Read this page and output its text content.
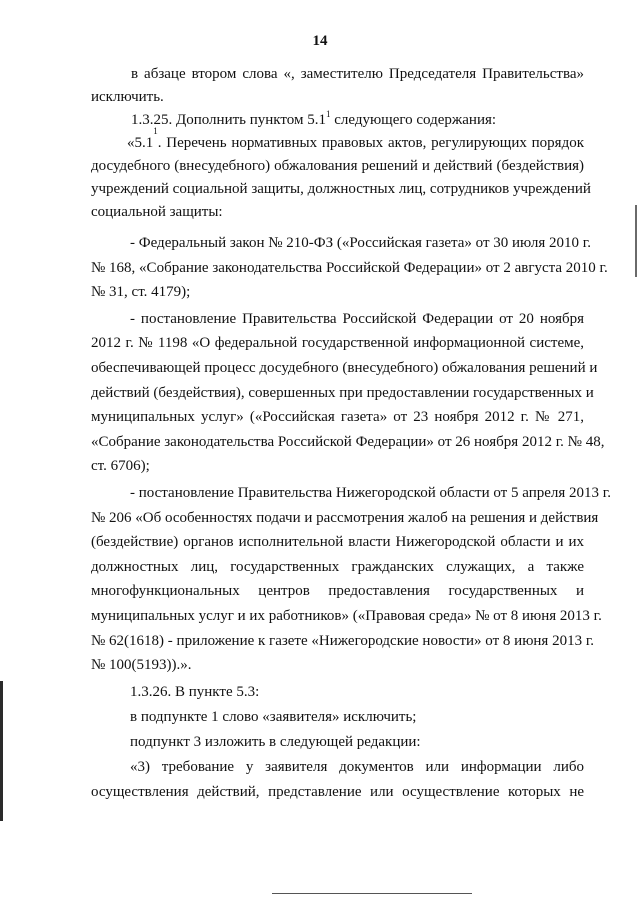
14
в абзаце втором слова «, заместителю Председателя Правительства»
исключить.
1.3.25. Дополнить пунктом $5.1^1$ следующего содержания:
«5.1
$^1$
. Перечень нормативных правовых актов, регулирующих порядок
досудебного (внесудебного) обжалования решений и действий (бездействия)
учреждений социальной защиты, должностных лиц, сотрудников учреждений
социальной защиты:
- Федеральный закон № 210-ФЗ («Российская газета» от 30 июля 2010 г.
№ 168, «Собрание законодательства Российской Федерации» от 2 августа 2010 г.
№ 31, ст. 4179);
- постановление Правительства Российской Федерации от 20 ноября
2012 г. № 1198 «О федеральной государственной информационной системе,
обеспечивающей процесс досудебного (внесудебного) обжалования решений и
действий (бездействия), совершенных при предоставлении государственных и
муниципальных услуг» («Российская газета» от 23 ноября 2012 г. № 271,
«Собрание законодательства Российской Федерации» от 26 ноября 2012 г. № 48,
ст. 6706);
- постановление Правительства Нижегородской области от 5 апреля 2013 г.
№ 206 «Об особенностях подачи и рассмотрения жалоб на решения и действия
(бездействие) органов исполнительной власти Нижегородской области и их
должностных лиц, государственных гражданских служащих, а также
многофункциональных центров предоставления государственных и
муниципальных услуг и их работников» («Правовая среда» № от 8 июня 2013 г.
№ 62(1618) - приложение к газете «Нижегородские новости» от 8 июня 2013 г.
№ 100(5193)).».
1.3.26. В пункте 5.3:
в подпункте 1 слово «заявителя» исключить;
подпункт 3 изложить в следующей редакции:
«3) требование у заявителя документов или информации либо
осуществления действий, представление или осуществление которых не
